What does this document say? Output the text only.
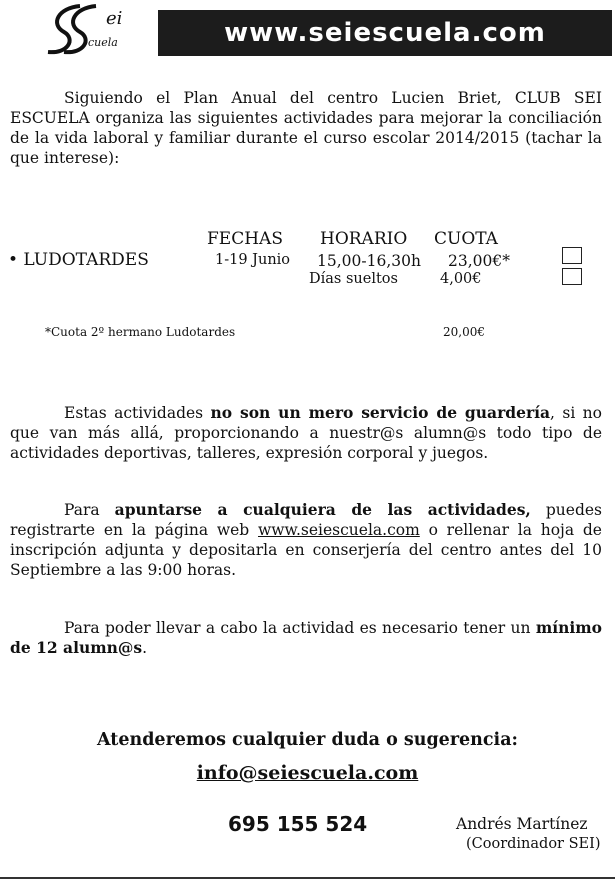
ei
cuela	www.seiescuela.com
Siguiendo el Plan Anual del centro Lucien Briet, CLUB SEI ESCUELA organiza las siguientes actividades para mejorar la conciliación de la vida laboral y familiar durante el curso escolar 2014/2015 (tachar la que interese):
FECHAS HORARIO CUOTA
• LUDOTARDES	1-19 Junio 15,00-16,30h 23,00€*
Días sueltos	4,00€
*Cuota 2º hermano Ludotardes	20,00€
Estas actividades no son un mero servicio de guardería, si no que van más allá, proporcionando a nuestr@s alumn@s todo tipo de actividades deportivas, talleres, expresión corporal y juegos.
Para apuntarse a cualquiera de las actividades, puedes registrarte en la página web www.seiescuela.com o rellenar la hoja de inscripción adjunta y depositarla en conserjería del centro antes del 10 Septiembre a las 9:00 horas.
Para poder llevar a cabo la actividad es necesario tener un mínimo de 12 alumn@s.
Atenderemos cualquier duda o sugerencia:
info@seiescuela.com
695 155 524	Andrés Martínez
(Coordinador SEI)
